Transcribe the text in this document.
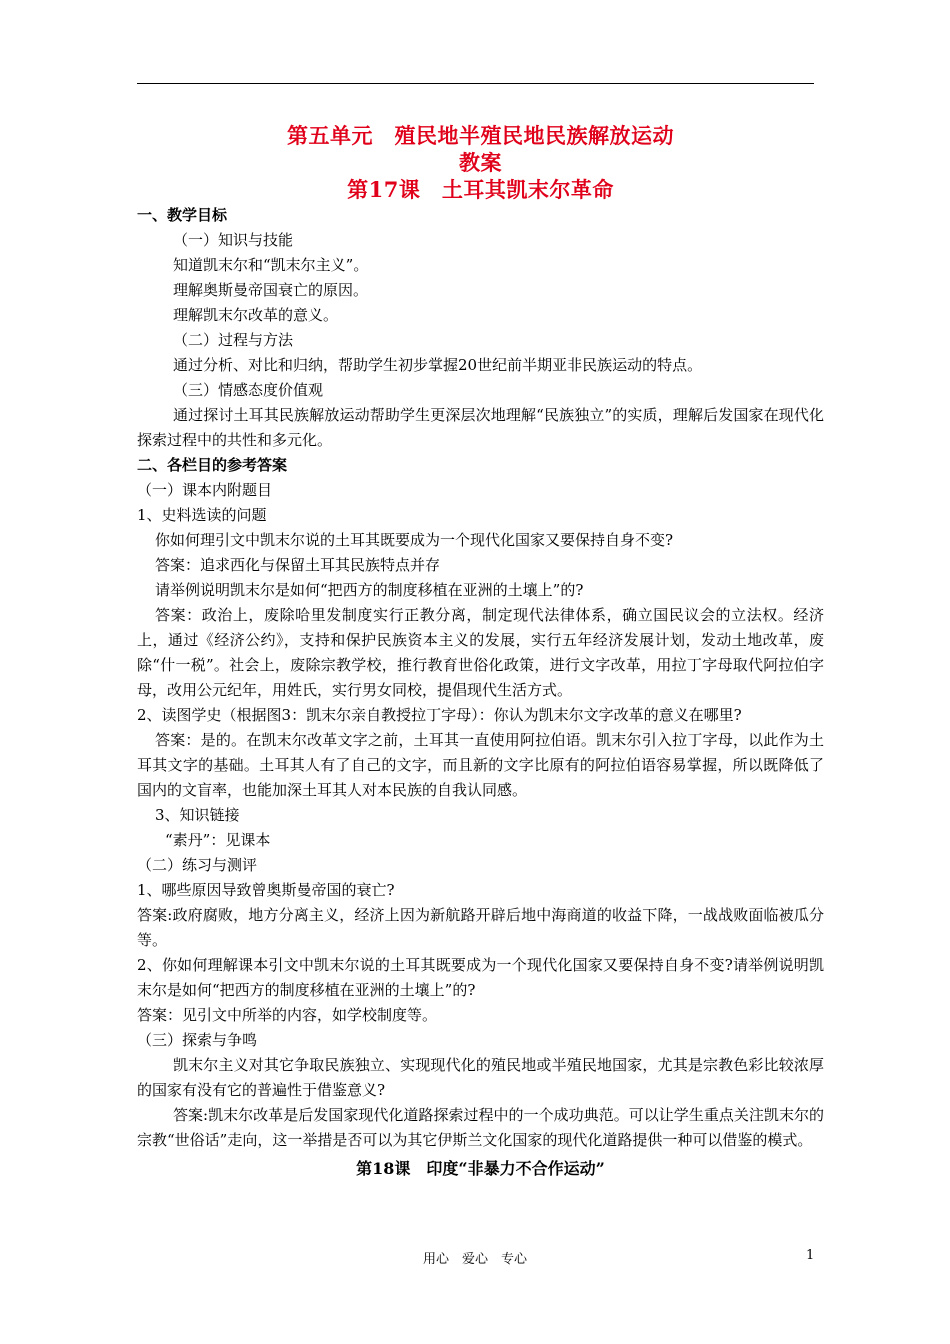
第五单元　殖民地半殖民地民族解放运动
教案
第17课　土耳其凯末尔革命
一、教学目标
（一）知识与技能
知道凯末尔和“凯末尔主义”。
理解奥斯曼帝国衰亡的原因。
理解凯末尔改革的意义。
（二）过程与方法
通过分析、对比和归纳，帮助学生初步掌握20世纪前半期亚非民族运动的特点。
（三）情感态度价值观
通过探讨土耳其民族解放运动帮助学生更深层次地理解“民族独立”的实质，理解后发国家在现代化探索过程中的共性和多元化。
二、各栏目的参考答案
（一）课本内附题目
1、史料选读的问题
你如何理引文中凯末尔说的土耳其既要成为一个现代化国家又要保持自身不变?
答案：追求西化与保留土耳其民族特点并存
请举例说明凯末尔是如何“把西方的制度移植在亚洲的土壤上”的?
答案：政治上，废除哈里发制度实行正教分离，制定现代法律体系，确立国民议会的立法权。经济上，通过《经济公约》，支持和保护民族资本主义的发展，实行五年经济发展计划，发动土地改革，废除“什一税”。社会上，废除宗教学校，推行教育世俗化政策，进行文字改革，用拉丁字母取代阿拉伯字母，改用公元纪年，用姓氏，实行男女同校，提倡现代生活方式。
2、读图学史（根据图3：凯末尔亲自教授拉丁字母）：你认为凯末尔文字改革的意义在哪里?
答案：是的。在凯末尔改革文字之前，土耳其一直使用阿拉伯语。凯末尔引入拉丁字母，以此作为土耳其文字的基础。土耳其人有了自己的文字，而且新的文字比原有的阿拉伯语容易掌握，所以既降低了国内的文盲率，也能加深土耳其人对本民族的自我认同感。
3、知识链接
“素丹”：见课本
（二）练习与测评
1、哪些原因导致曾奥斯曼帝国的衰亡?
答案:政府腐败，地方分离主义，经济上因为新航路开辟后地中海商道的收益下降，一战战败面临被瓜分等。
2、你如何理解课本引文中凯末尔说的土耳其既要成为一个现代化国家又要保持自身不变?请举例说明凯末尔是如何“把西方的制度移植在亚洲的土壤上”的?
答案：见引文中所举的内容，如学校制度等。
（三）探索与争鸣
凯末尔主义对其它争取民族独立、实现现代化的殖民地或半殖民地国家，尤其是宗教色彩比较浓厚的国家有没有它的普遍性于借鉴意义?
答案:凯末尔改革是后发国家现代化道路探索过程中的一个成功典范。可以让学生重点关注凯末尔的宗教“世俗话”走向，这一举措是否可以为其它伊斯兰文化国家的现代化道路提供一种可以借鉴的模式。
第18课　印度“非暴力不合作运动”
用心　爱心　专心	1
